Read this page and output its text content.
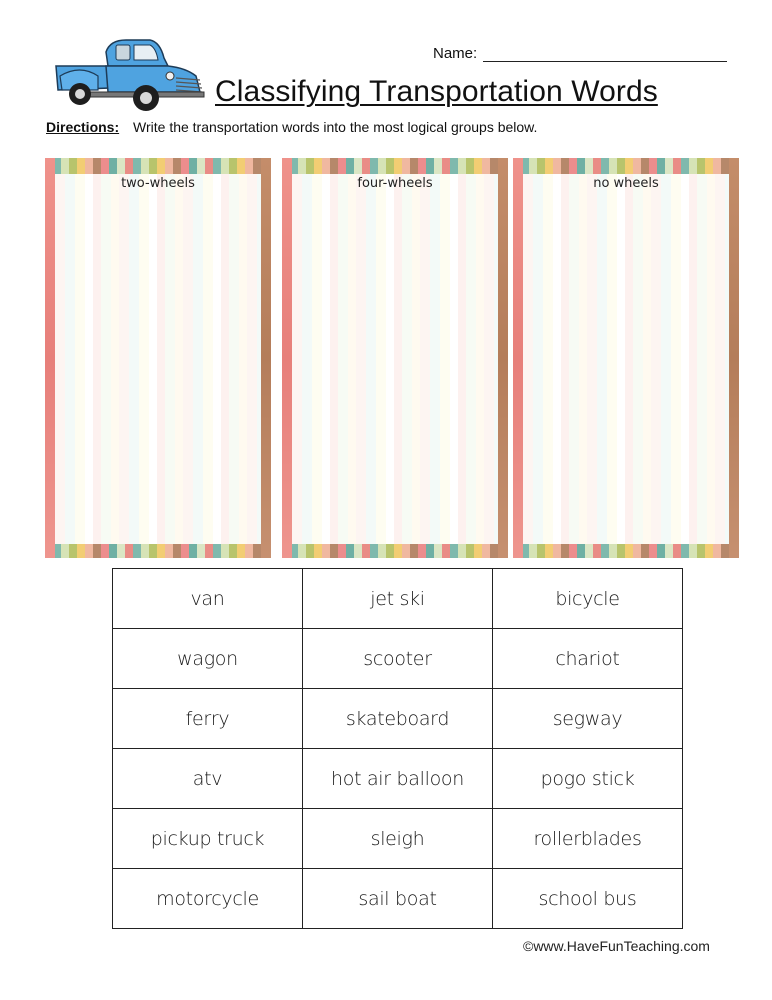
Name:
Classifying Transportation Words
Directions: Write the transportation words into the most logical groups below.
two-wheels	four-wheels	no wheels
van	jet ski	bicycle
wagon	scooter	chariot
ferry	skateboard	segway
atv	hot air balloon	pogo stick
pickup truck	sleigh	rollerblades
motorcycle	sail boat	school bus
©www.HaveFunTeaching.com
